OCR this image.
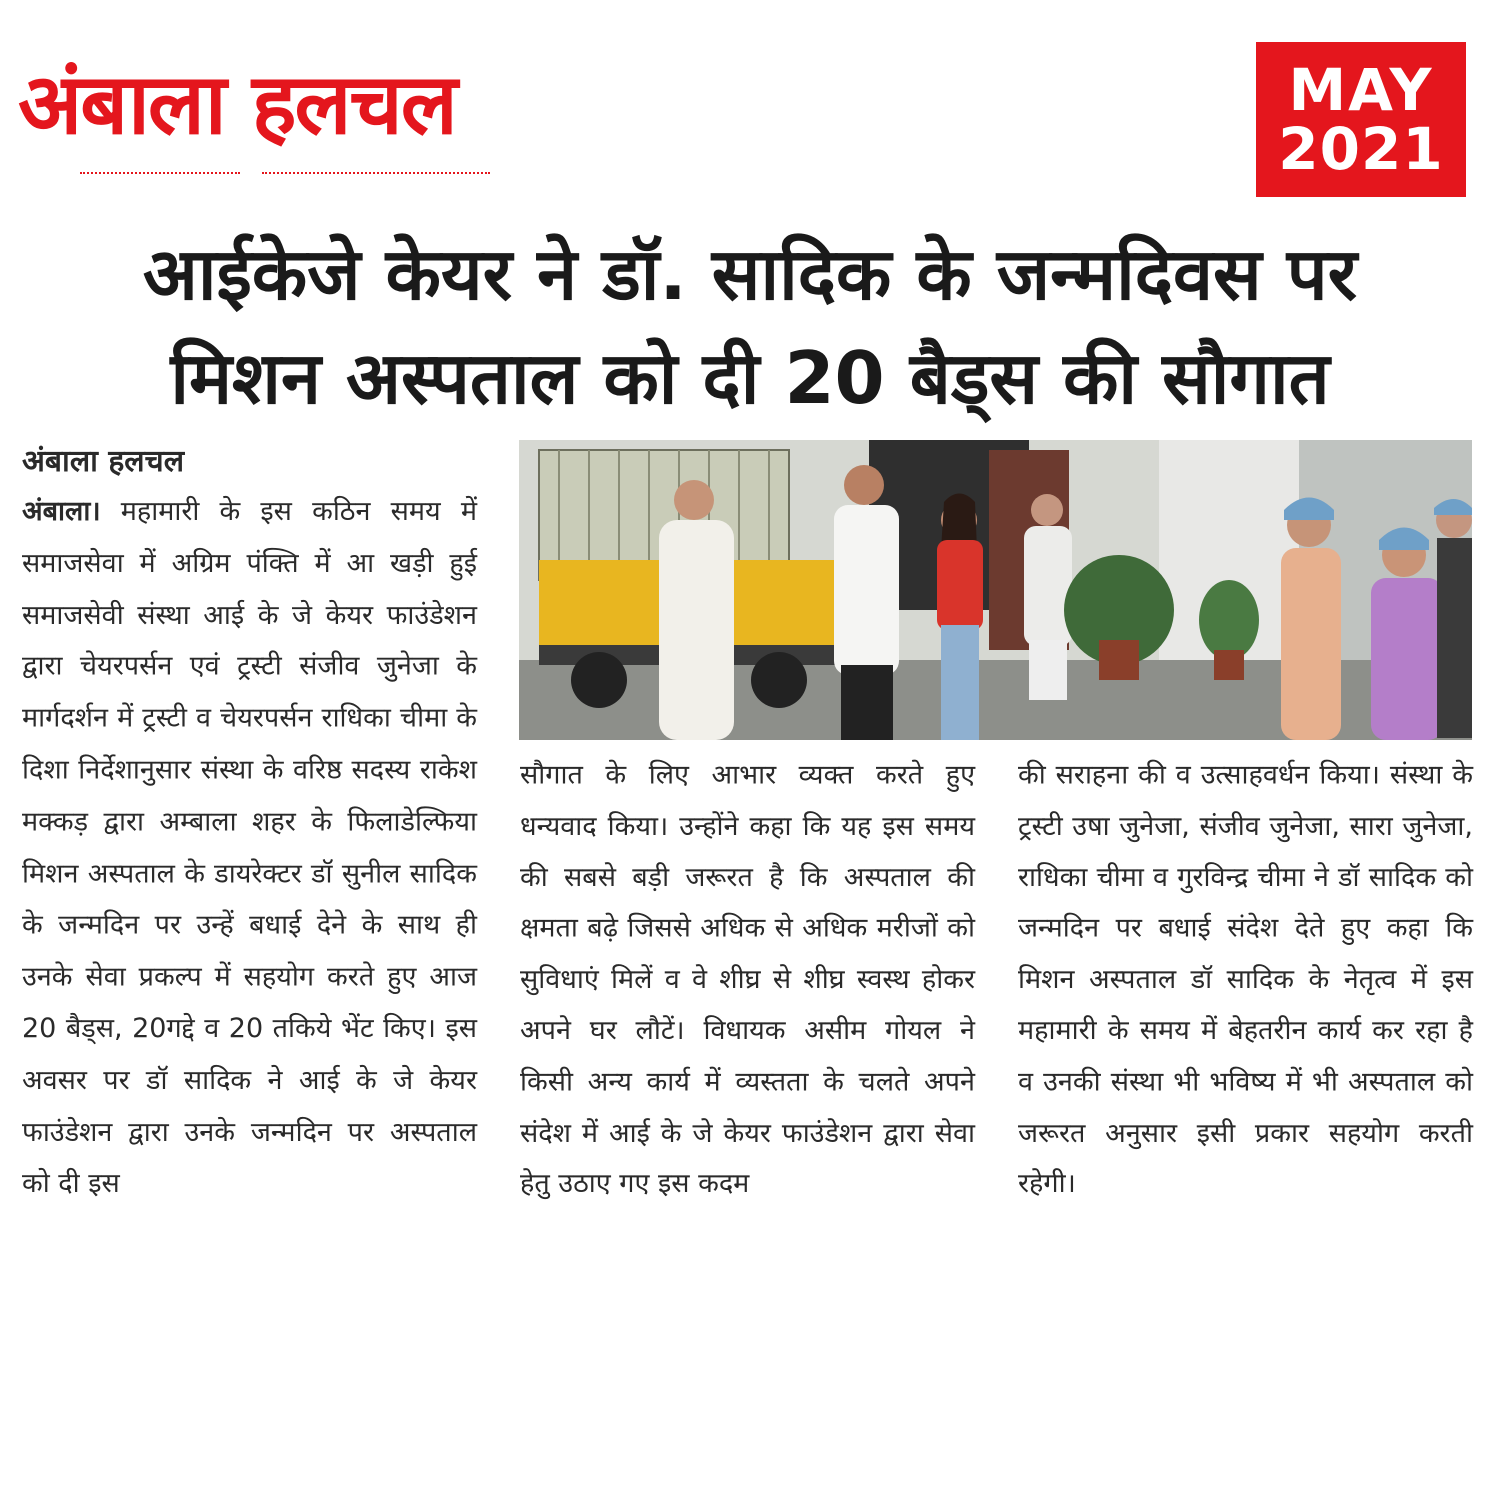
अंबाला हलचल	MAY
2021
आईकेजे केयर ने डॉ. सादिक के जन्मदिवस पर
मिशन अस्पताल को दी 20 बैड्स की सौगात
अंबाला हलचल
अंबाला। महामारी के इस कठिन समय में समाजसेवा में अग्रिम पंक्ति में आ खड़ी हुई समाजसेवी संस्था आई के जे केयर फाउंडेशन द्वारा चेयरपर्सन एवं ट्रस्टी संजीव जुनेजा के मार्गदर्शन में ट्रस्टी व चेयरपर्सन राधिका चीमा के दिशा निर्देशानुसार संस्था के वरिष्ठ सदस्य राकेश मक्कड़ द्वारा अम्बाला शहर के फिलाडेल्फिया मिशन अस्पताल के डायरेक्टर डॉ सुनील सादिक के जन्मदिन पर उन्हें बधाई देने के साथ ही उनके सेवा प्रकल्प में सहयोग करते हुए आज 20 बैड्स, 20गद्दे व 20 तकिये भेंट किए। इस अवसर पर डॉ सादिक ने आई के जे केयर फाउंडेशन द्वारा उनके जन्मदिन पर अस्पताल को दी इस
सौगात के लिए आभार व्यक्त करते हुए धन्यवाद किया। उन्होंने कहा कि यह इस समय की सबसे बड़ी जरूरत है कि अस्पताल की क्षमता बढ़े जिससे अधिक से अधिक मरीजों को सुविधाएं मिलें व वे शीघ्र से शीघ्र स्वस्थ होकर अपने घर लौटें। विधायक असीम गोयल ने किसी अन्य कार्य में व्यस्तता के चलते अपने संदेश में आई के जे केयर फाउंडेशन द्वारा सेवा हेतु उठाए गए इस कदम
की सराहना की व उत्साहवर्धन किया। संस्था के ट्रस्टी उषा जुनेजा, संजीव जुनेजा, सारा जुनेजा, राधिका चीमा व गुरविन्द्र चीमा ने डॉ सादिक को जन्मदिन पर बधाई संदेश देते हुए कहा कि मिशन अस्पताल डॉ सादिक के नेतृत्व में इस महामारी के समय में बेहतरीन कार्य कर रहा है व उनकी संस्था भी भविष्य में भी अस्पताल को जरूरत अनुसार इसी प्रकार सहयोग करती रहेगी।
